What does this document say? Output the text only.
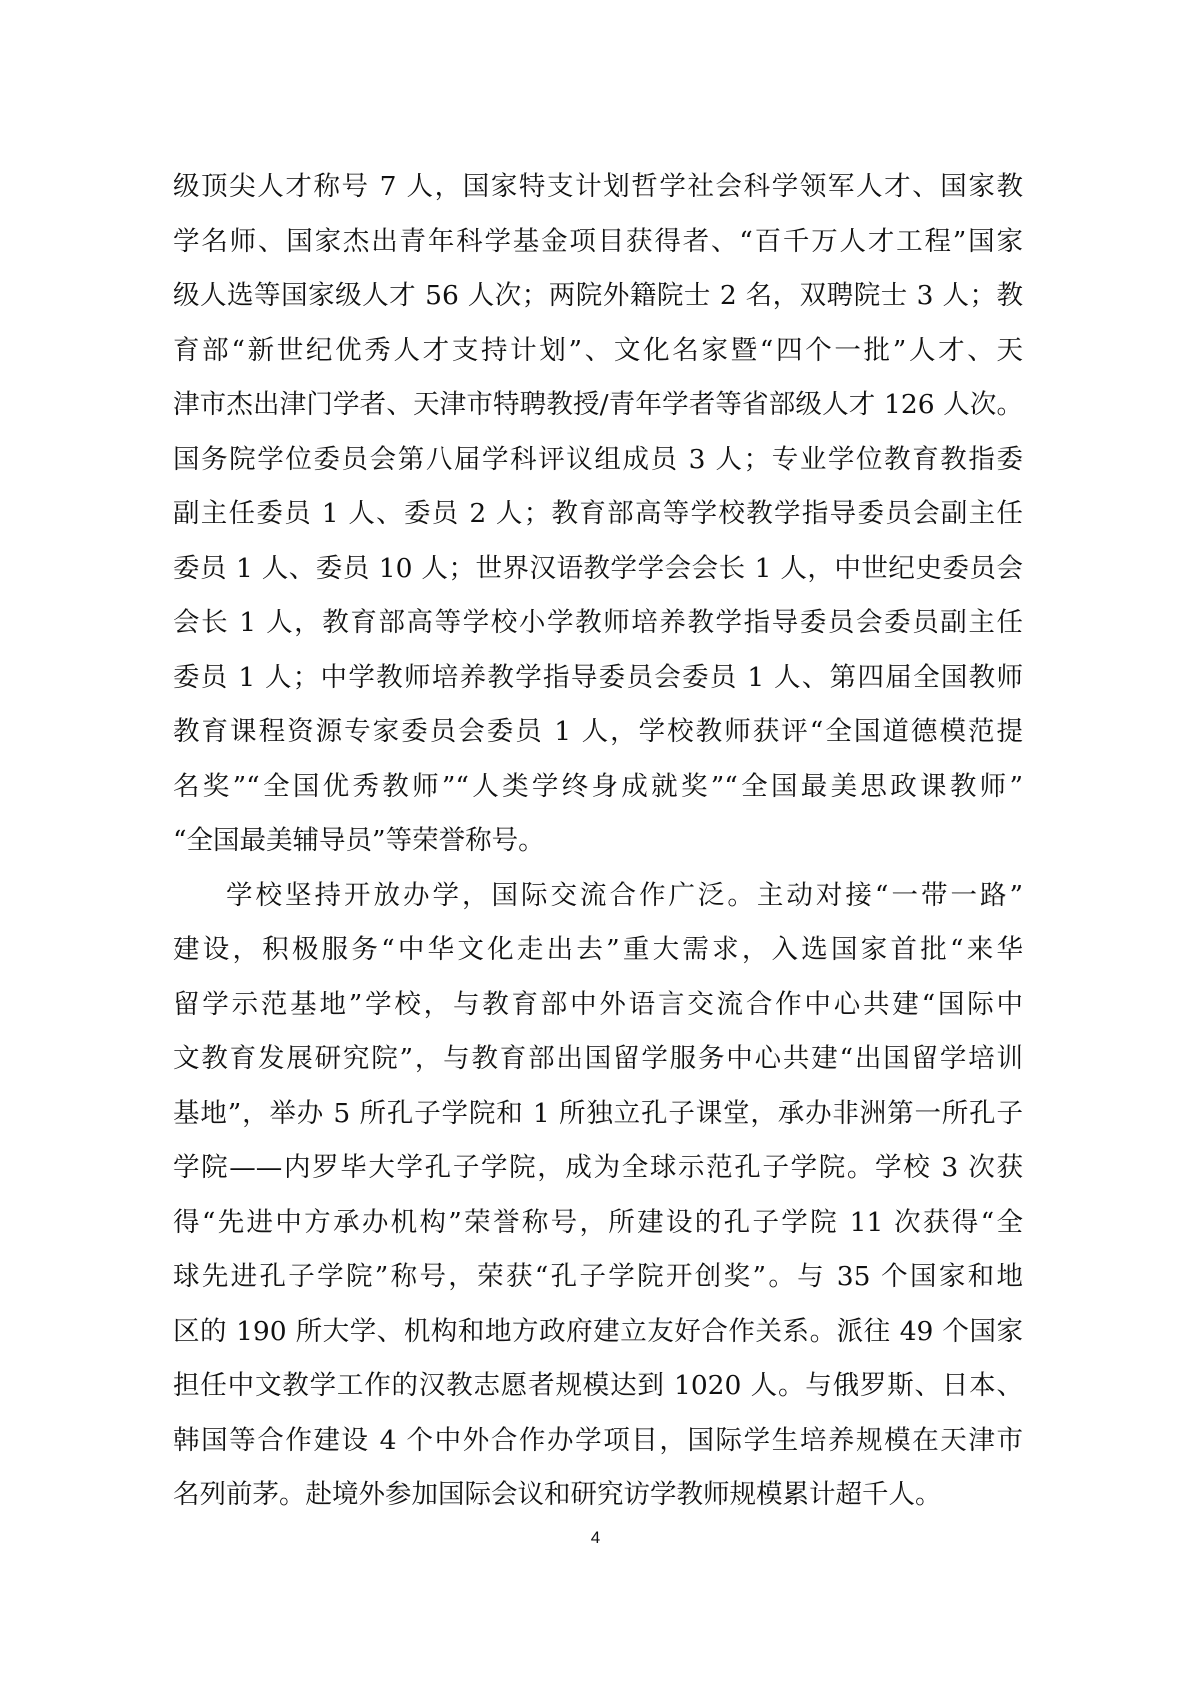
级顶尖人才称号 7 人，国家特支计划哲学社会科学领军人才、国家教
学名师、国家杰出青年科学基金项目获得者、“百千万人才工程”国家
级人选等国家级人才 56 人次；两院外籍院士 2 名，双聘院士 3 人；教
育部“新世纪优秀人才支持计划”、文化名家暨“四个一批”人才、天
津市杰出津门学者、天津市特聘教授/青年学者等省部级人才 126 人次。
国务院学位委员会第八届学科评议组成员 3 人；专业学位教育教指委
副主任委员 1 人、委员 2 人；教育部高等学校教学指导委员会副主任
委员 1 人、委员 10 人；世界汉语教学学会会长 1 人，中世纪史委员会
会长 1 人，教育部高等学校小学教师培养教学指导委员会委员副主任
委员 1 人；中学教师培养教学指导委员会委员 1 人、第四届全国教师
教育课程资源专家委员会委员 1 人，学校教师获评“全国道德模范提
名奖”“全国优秀教师”“人类学终身成就奖”“全国最美思政课教师”
“全国最美辅导员”等荣誉称号。
学校坚持开放办学，国际交流合作广泛。主动对接“一带一路”
建设，积极服务“中华文化走出去”重大需求，入选国家首批“来华
留学示范基地”学校，与教育部中外语言交流合作中心共建“国际中
文教育发展研究院”，与教育部出国留学服务中心共建“出国留学培训
基地”，举办 5 所孔子学院和 1 所独立孔子课堂，承办非洲第一所孔子
学院——内罗毕大学孔子学院，成为全球示范孔子学院。学校 3 次获
得“先进中方承办机构”荣誉称号，所建设的孔子学院 11 次获得“全
球先进孔子学院”称号，荣获“孔子学院开创奖”。与 35 个国家和地
区的 190 所大学、机构和地方政府建立友好合作关系。派往 49 个国家
担任中文教学工作的汉教志愿者规模达到 1020 人。与俄罗斯、日本、
韩国等合作建设 4 个中外合作办学项目，国际学生培养规模在天津市
名列前茅。赴境外参加国际会议和研究访学教师规模累计超千人。
4
